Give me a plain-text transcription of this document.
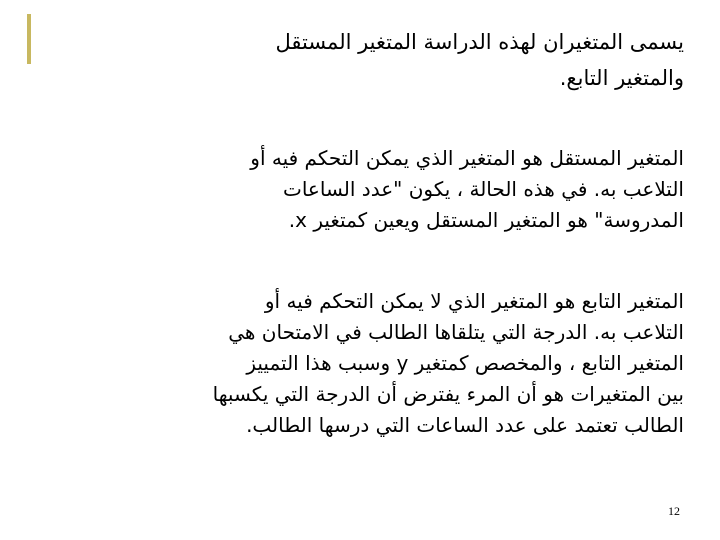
يسمى المتغيران لهذه الدراسة المتغير المستقل
والمتغير التابع.
المتغير المستقل هو المتغير الذي يمكن التحكم فيه أو
التلاعب به. في هذه الحالة ، يكون "عدد الساعات
المدروسة" هو المتغير المستقل ويعين كمتغير x.
المتغير التابع هو المتغير الذي لا يمكن التحكم فيه أو
التلاعب به. الدرجة التي يتلقاها الطالب في الامتحان هي
المتغير التابع ، والمخصص كمتغير y وسبب هذا التمييز
بين المتغيرات هو أن المرء يفترض أن الدرجة التي يكسبها
الطالب تعتمد على عدد الساعات التي درسها الطالب.
12
